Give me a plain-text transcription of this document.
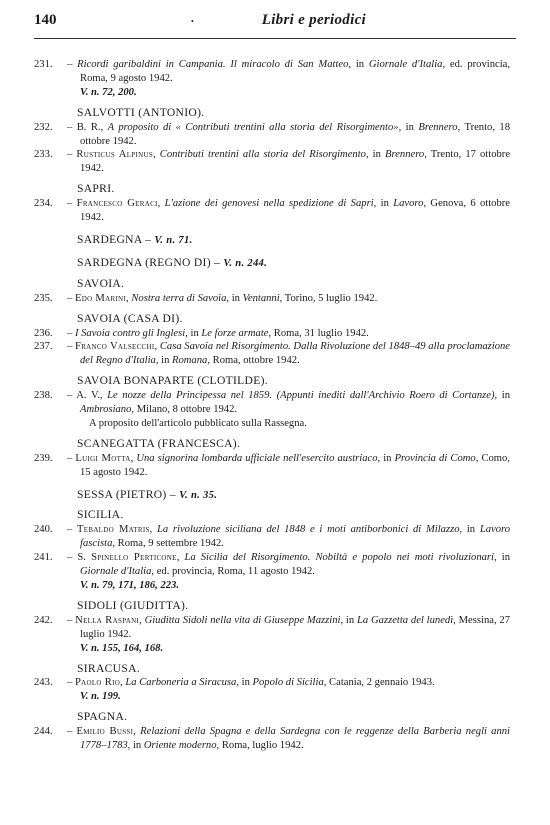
140	·	Libri e periodici
231. – Ricordi garibaldini in Campania. Il miracolo di San Matteo, in Giornale d'Italia, ed. provincia, Roma, 9 agosto 1942.
V. n. 72, 200.
SALVOTTI (ANTONIO).
232. – B. R., A proposito di « Contributi trentini alla storia del Risorgimento», in Brennero, Trento, 18 ottobre 1942.
233. – Rusticus Alpinus, Contributi trentini alla storia del Risorgimento, in Brennero, Trento, 17 ottobre 1942.
SAPRI.
234. – Francesco Geraci, L'azione dei genovesi nella spedizione di Sapri, in Lavoro, Genova, 6 ottobre 1942.
SARDEGNA – V. n. 71.
SARDEGNA (REGNO DI) – V. n. 244.
SAVOIA.
235. – Edo Marini, Nostra terra di Savoia, in Ventanni, Torino, 5 luglio 1942.
SAVOIA (CASA DI).
236. – I Savoia contro gli Inglesi, in Le forze armate, Roma, 31 luglio 1942.
237. – Franco Valsecchi, Casa Savoia nel Risorgimento. Dalla Rivoluzione del 1848–49 alla proclamazione del Regno d'Italia, in Romana, Roma, ottobre 1942.
SAVOIA BONAPARTE (CLOTILDE).
238. – A. V., Le nozze della Principessa nel 1859. (Appunti inediti dall'Archivio Roero di Cortanze), in Ambrosiano, Milano, 8 ottobre 1942.
A proposito dell'articolo pubblicato sulla Rassegna.
SCANEGATTA (FRANCESCA).
239. – Luigi Motta, Una signorina lombarda ufficiale nell'esercito austriaco, in Provincia di Como, Como, 15 agosto 1942.
SESSA (PIETRO) – V. n. 35.
SICILIA.
240. – Tebaldo Matris, La rivoluzione siciliana del 1848 e i moti antiborbonici di Milazzo, in Lavoro fascista, Roma, 9 settembre 1942.
241. – S. Spinello Perticone, La Sicilia del Risorgimento. Nobiltà e popolo nei moti rivoluzionari, in Giornale d'Italia, ed. provincia, Roma, 11 agosto 1942.
V. n. 79, 171, 186, 223.
SIDOLI (GIUDITTA).
242. – Nella Raspani, Giuditta Sidoli nella vita di Giuseppe Mazzini, in La Gazzetta del lunedì, Messina, 27 luglio 1942.
V. n. 155, 164, 168.
SIRACUSA.
243. – Paolo Rio, La Carboneria a Siracusa, in Popolo di Sicilia, Catania, 2 gennaio 1943.
V. n. 199.
SPAGNA.
244. – Emilio Bussi, Relazioni della Spagna e della Sardegna con le reggenze della Barberia negli anni 1778–1783, in Oriente moderno, Roma, luglio 1942.
